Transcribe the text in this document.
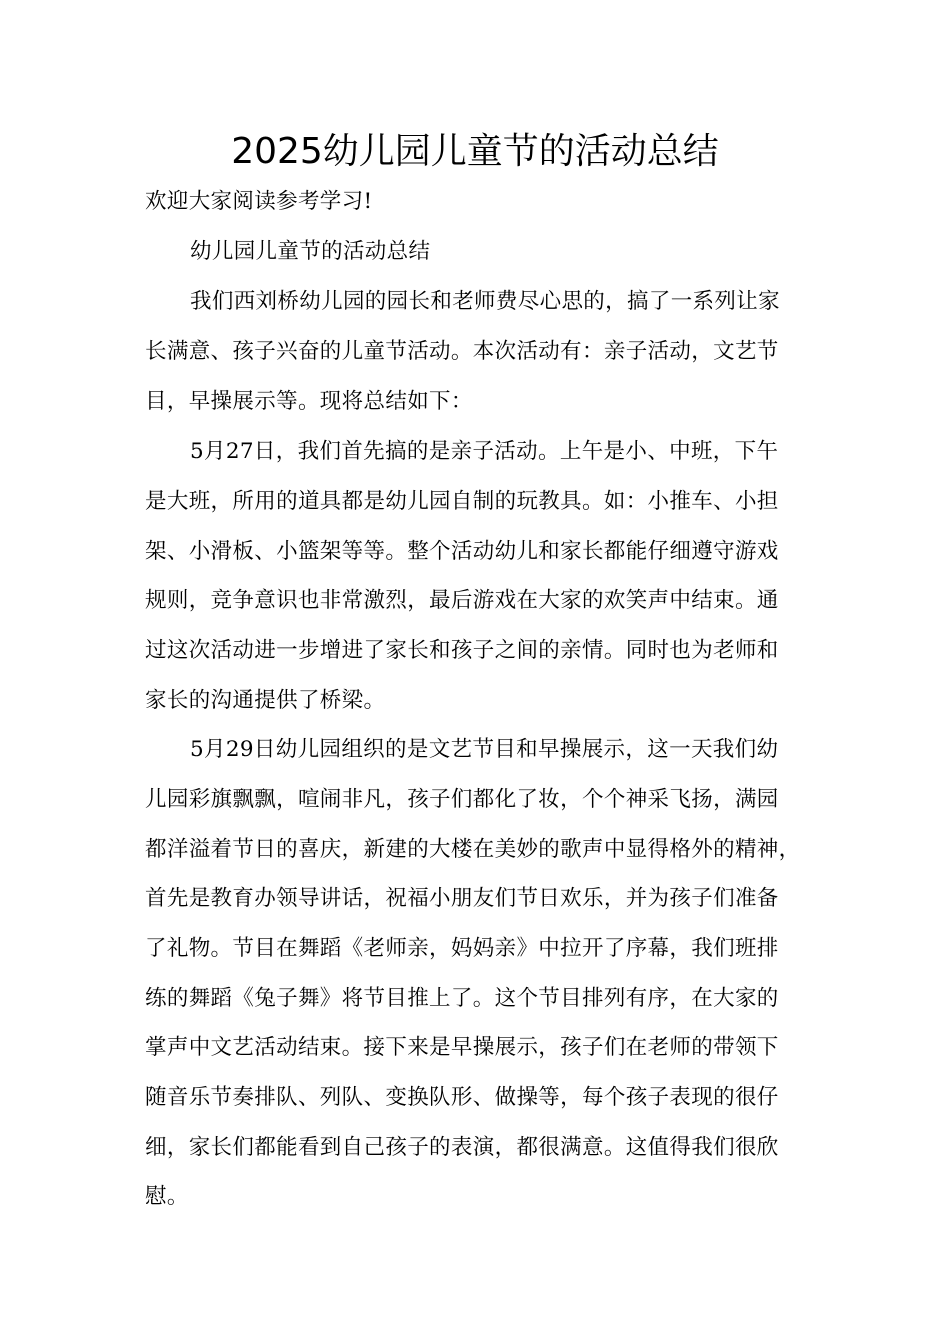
2025幼儿园儿童节的活动总结
欢迎大家阅读参考学习!
幼儿园儿童节的活动总结
我们西刘桥幼儿园的园长和老师费尽心思的，搞了一系列让家
长满意、孩子兴奋的儿童节活动。本次活动有：亲子活动，文艺节
目，早操展示等。现将总结如下：
5月27日，我们首先搞的是亲子活动。上午是小、中班，下午
是大班，所用的道具都是幼儿园自制的玩教具。如：小推车、小担
架、小滑板、小篮架等等。整个活动幼儿和家长都能仔细遵守游戏
规则，竞争意识也非常激烈，最后游戏在大家的欢笑声中结束。通
过这次活动进一步增进了家长和孩子之间的亲情。同时也为老师和
家长的沟通提供了桥梁。
5月29日幼儿园组织的是文艺节目和早操展示，这一天我们幼
儿园彩旗飘飘，喧闹非凡，孩子们都化了妆，个个神采飞扬，满园
都洋溢着节日的喜庆，新建的大楼在美妙的歌声中显得格外的精神，
首先是教育办领导讲话，祝福小朋友们节日欢乐，并为孩子们准备
了礼物。节目在舞蹈《老师亲，妈妈亲》中拉开了序幕，我们班排
练的舞蹈《兔子舞》将节目推上了。这个节目排列有序，在大家的
掌声中文艺活动结束。接下来是早操展示，孩子们在老师的带领下
随音乐节奏排队、列队、变换队形、做操等，每个孩子表现的很仔
细，家长们都能看到自己孩子的表演，都很满意。这值得我们很欣
慰。
